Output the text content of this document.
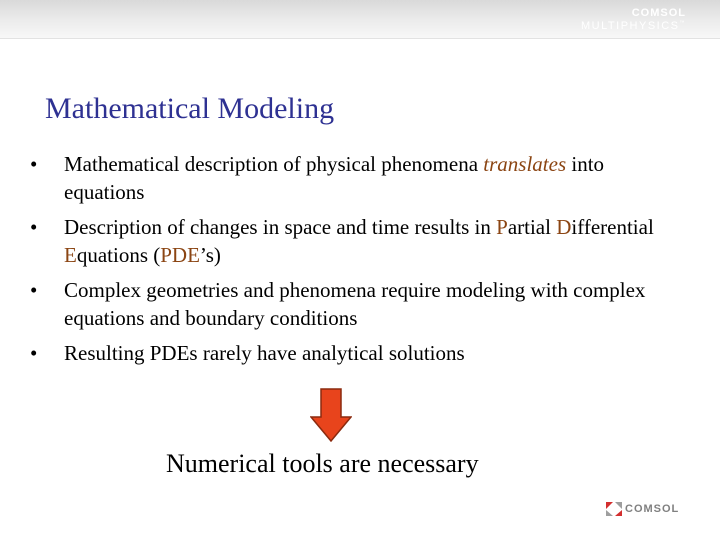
COMSOL
MULTIPHYSICS™
Mathematical Modeling
• Mathematical description of physical phenomena translates into equations
• Description of changes in space and time results in Partial Differential Equations (PDE’s)
• Complex geometries and phenomena require modeling with complex equations and boundary conditions
• Resulting PDEs rarely have analytical solutions

Numerical tools are necessary

COMSOL
